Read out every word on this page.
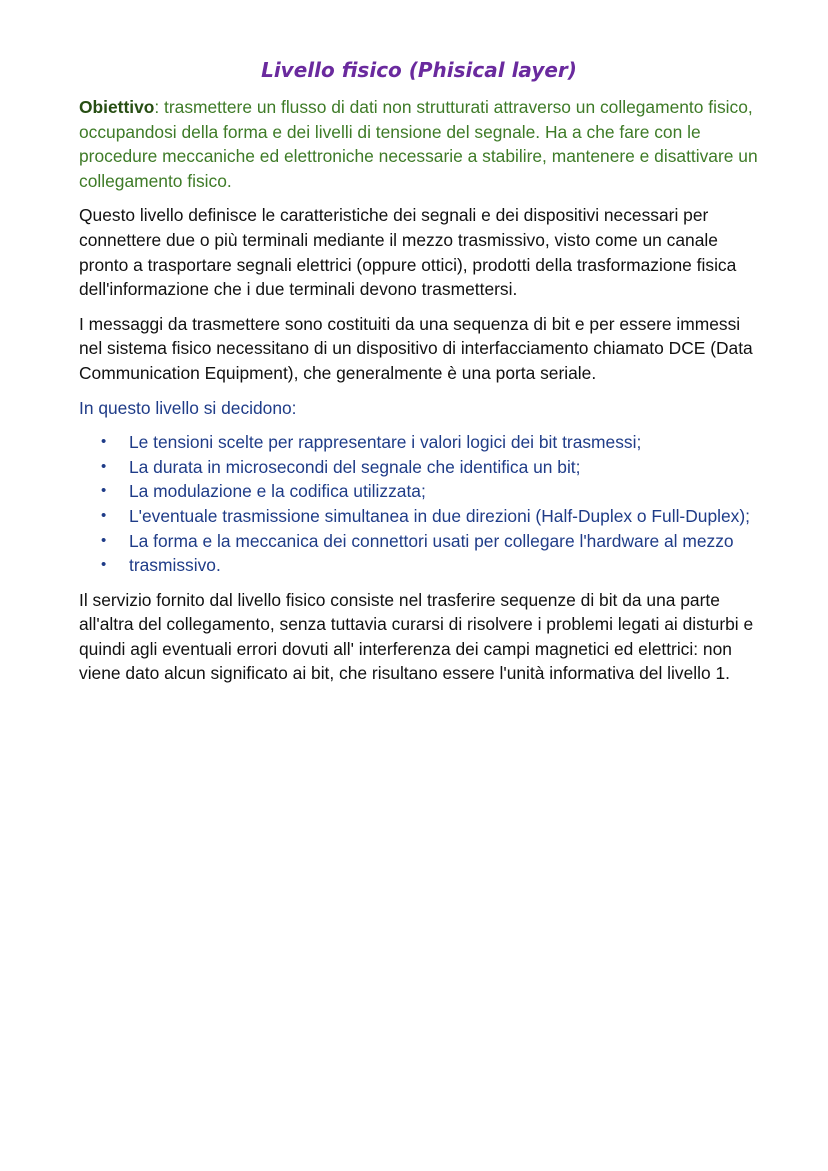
Livello fisico (Phisical layer)

Obiettivo: trasmettere un flusso di dati non strutturati attraverso un collegamento fisico, occupandosi della forma e dei livelli di tensione del segnale. Ha a che fare con le procedure meccaniche ed elettroniche necessarie a stabilire, mantenere e disattivare un collegamento fisico.

Questo livello definisce le caratteristiche dei segnali e dei dispositivi necessari per connettere due o più terminali mediante il mezzo trasmissivo, visto come un canale pronto a trasportare segnali elettrici (oppure ottici), prodotti della trasformazione fisica dell'informazione che i due terminali devono trasmettersi.

I messaggi da trasmettere sono costituiti da una sequenza di bit e per essere immessi nel sistema fisico necessitano di un dispositivo di interfacciamento chiamato DCE (Data Communication Equipment), che generalmente è una porta seriale.

In questo livello si decidono:

• Le tensioni scelte per rappresentare i valori logici dei bit trasmessi;
• La durata in microsecondi del segnale che identifica un bit;
• La modulazione e la codifica utilizzata;
• L'eventuale trasmissione simultanea in due direzioni (Half-Duplex o Full-Duplex);
• La forma e la meccanica dei connettori usati per collegare l'hardware al mezzo
• trasmissivo.

Il servizio fornito dal livello fisico consiste nel trasferire sequenze di bit da una parte all'altra del collegamento, senza tuttavia curarsi di risolvere i problemi legati ai disturbi e quindi agli eventuali errori dovuti all' interferenza dei campi magnetici ed elettrici: non viene dato alcun significato ai bit, che risultano essere l'unità informativa del livello 1.
